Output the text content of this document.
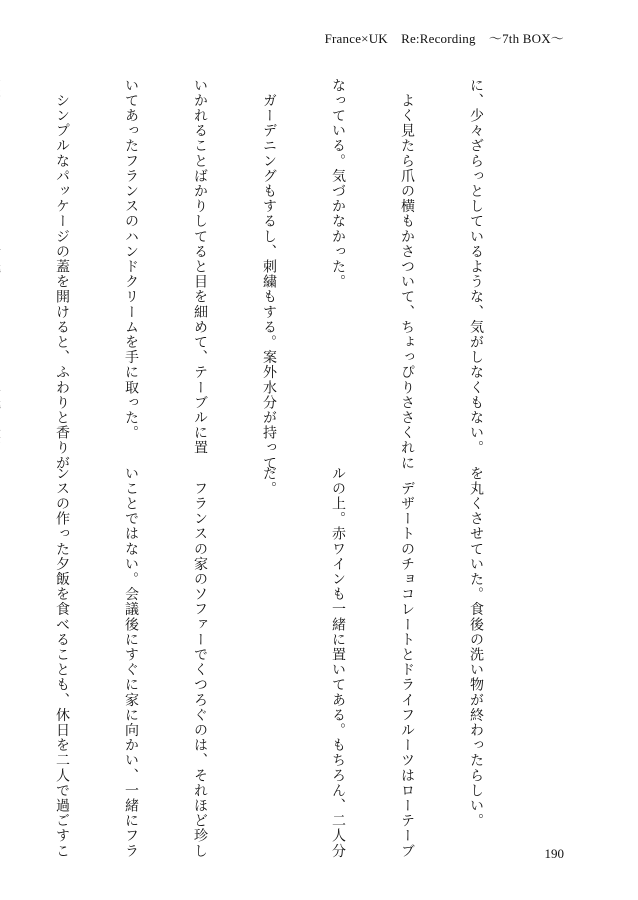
France×UK　Re:Recording　～7th BOX～

に、少々ざらっとしているような、気がしなくもない。

　よく見たら爪の横もかさついて、ちょっぴりささくれに

なっている。気づかなかった。

　ガーデニングもするし、刺繍もする。案外水分が持って

いかれることばかりしてると目を細めて、テーブルに置

いてあったフランスのハンドクリームを手に取った。

　シンプルなパッケージの蓋を開けると、ふわりと香りが

を丸くさせていた。食後の洗い物が終わったらしい。

　デザートのチョコレートとドライフルーツはローテーブ

ルの上。赤ワインも一緒に置いてある。もちろん、二人分

だ。

　フランスの家のソファーでくつろぐのは、それほど珍し

いことではない。会議後にすぐに家に向かい、一緒にフラ

ンスの作った夕飯を食べることも、休日を二人で過ごすこ

	190
